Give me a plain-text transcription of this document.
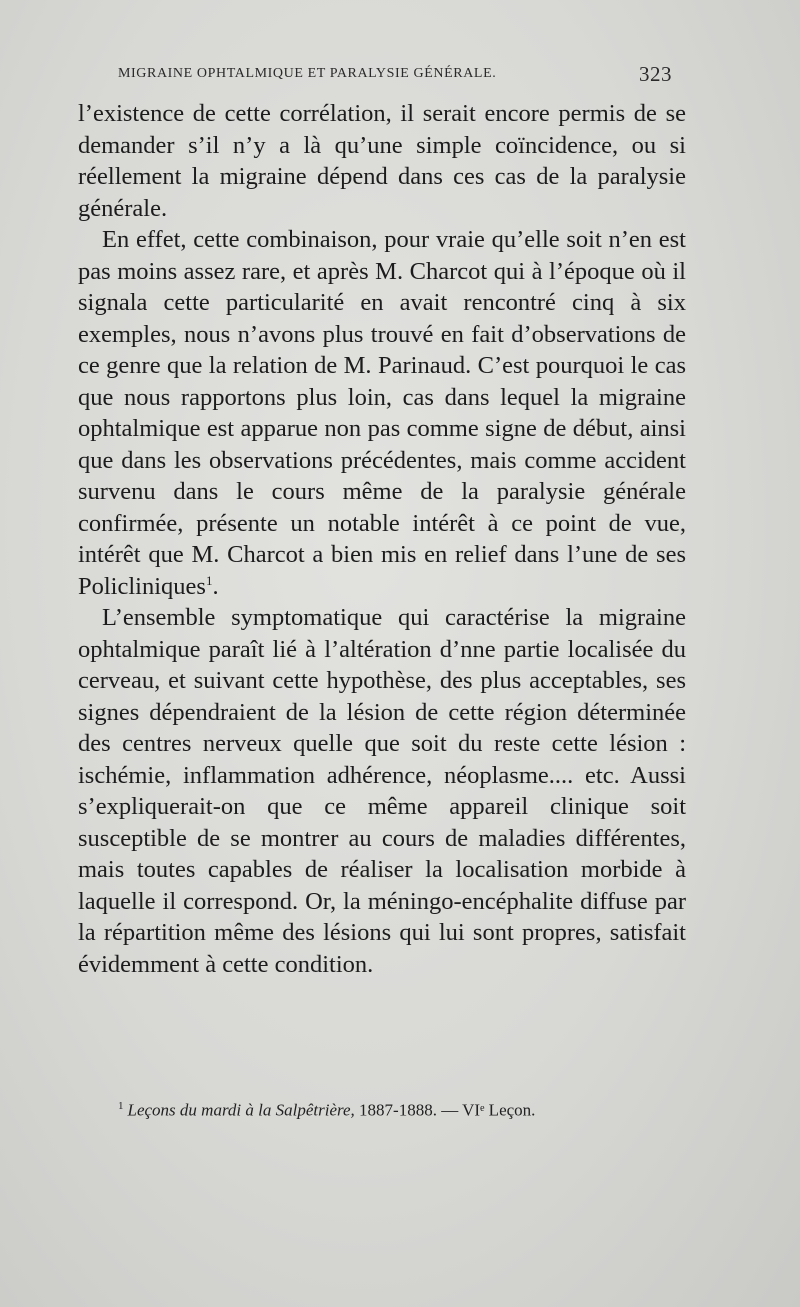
MIGRAINE OPHTALMIQUE ET PARALYSIE GÉNÉRALE.	323

l’existence de cette corrélation, il serait encore permis de se demander s’il n’y a là qu’une simple coïncidence, ou si réellement la migraine dépend dans ces cas de la paralysie générale.

En effet, cette combinaison, pour vraie qu’elle soit n’en est pas moins assez rare, et après M. Charcot qui à l’époque où il signala cette particularité en avait rencontré cinq à six exemples, nous n’avons plus trouvé en fait d’observations de ce genre que la relation de M. Parinaud. C’est pourquoi le cas que nous rapportons plus loin, cas dans lequel la migraine ophtalmique est apparue non pas comme signe de début, ainsi que dans les observations précédentes, mais comme accident survenu dans le cours même de la paralysie générale confirmée, présente un notable intérêt à ce point de vue, intérêt que M. Charcot a bien mis en relief dans l’une de ses Policliniques$^1$.

L’ensemble symptomatique qui caractérise la migraine ophtalmique paraît lié à l’altération d’nne partie localisée du cerveau, et suivant cette hypothèse, des plus acceptables, ses signes dépendraient de la lésion de cette région déterminée des centres nerveux quelle que soit du reste cette lésion : ischémie, inflammation adhérence, néoplasme.... etc. Aussi s’expliquerait-on que ce même appareil clinique soit susceptible de se montrer au cours de maladies différentes, mais toutes capables de réaliser la localisation morbide à laquelle il correspond. Or, la méningo-encéphalite diffuse par la répartition même des lésions qui lui sont propres, satisfait évidemment à cette condition.

$^1$ Leçons du mardi à la Salpêtrière, 1887-1888. — VIᵉ Leçon.
